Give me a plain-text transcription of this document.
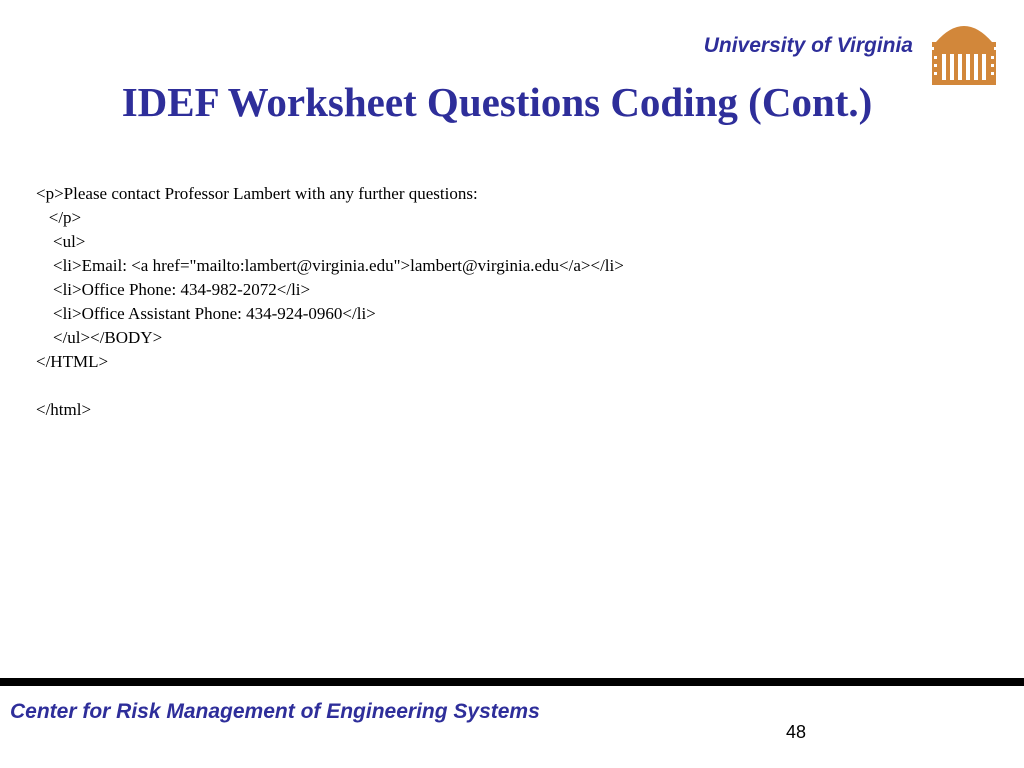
University of Virginia
IDEF Worksheet Questions Coding (Cont.)
<p>Please contact Professor Lambert with any further questions:
</p>
<ul>
<li>Email: <a href="mailto:lambert@virginia.edu">lambert@virginia.edu</a></li>
<li>Office Phone: 434-982-2072</li>
<li>Office Assistant Phone: 434-924-0960</li>
</ul></BODY>
</HTML>
</html>
Center for Risk Management of Engineering Systems
48
